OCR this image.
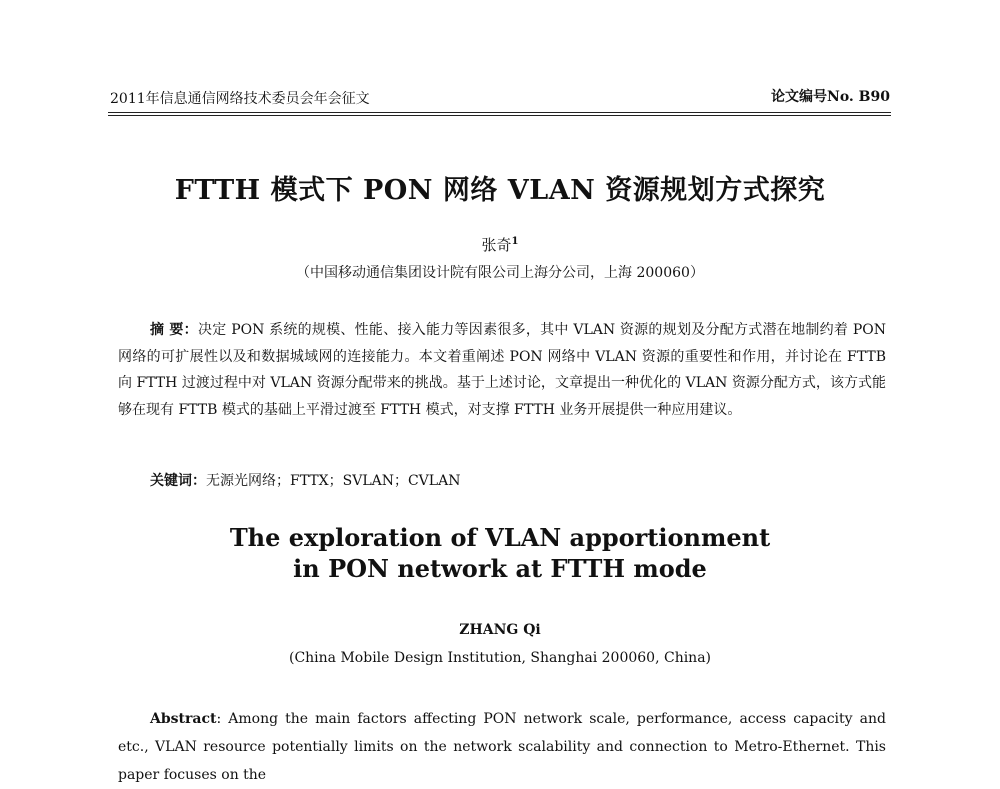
2011年信息通信网络技术委员会年会征文	论文编号No. B90
FTTH 模式下 PON 网络 VLAN 资源规划方式探究
张奇$^1$
（中国移动通信集团设计院有限公司上海分公司，上海 200060）
摘 要：决定 PON 系统的规模、性能、接入能力等因素很多，其中 VLAN 资源的规划及分配方式潜在地制约着 PON 网络的可扩展性以及和数据城域网的连接能力。本文着重阐述 PON 网络中 VLAN 资源的重要性和作用，并讨论在 FTTB 向 FTTH 过渡过程中对 VLAN 资源分配带来的挑战。基于上述讨论，文章提出一种优化的 VLAN 资源分配方式，该方式能够在现有 FTTB 模式的基础上平滑过渡至 FTTH 模式，对支撑 FTTH 业务开展提供一种应用建议。
关键词：无源光网络；FTTX；SVLAN；CVLAN
The exploration of VLAN apportionment
in PON network at FTTH mode
ZHANG Qi
(China Mobile Design Institution, Shanghai 200060, China)
Abstract: Among the main factors affecting PON network scale, performance, access capacity and etc., VLAN resource potentially limits on the network scalability and connection to Metro-Ethernet. This paper focuses on the
